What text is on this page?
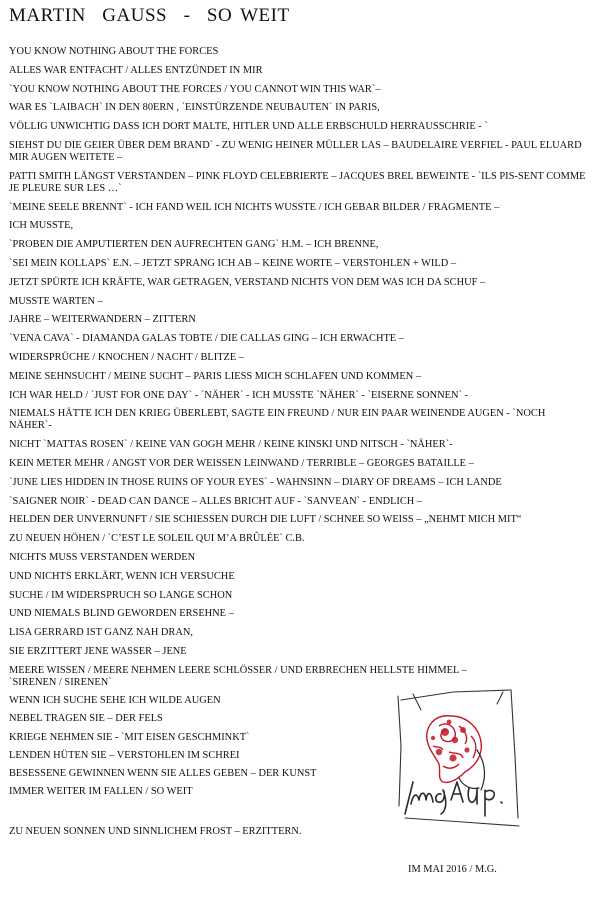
MARTIN  GAUSS  -  SO WEIT
YOU KNOW NOTHING ABOUT THE FORCES
ALLES WAR ENTFACHT / ALLES ENTZÜNDET IN MIR
`YOU KNOW NOTHING ABOUT THE FORCES / YOU CANNOT WIN THIS WAR`–
WAR ES `LAIBACH` IN DEN 80ERN , `EINSTÜRZENDE NEUBAUTEN` IN PARIS,
VÖLLIG UNWICHTIG DASS ICH DORT MALTE, HITLER UND ALLE ERBSCHULD HERRAUSSCHRIE - `
SIEHST DU DIE GEIER ÜBER DEM BRAND` - ZU WENIG HEINER MÜLLER LAS – BAUDELAIRE VERFIEL - PAUL ELUARD MIR AUGEN WEITETE –
PATTI SMITH LÄNGST VERSTANDEN – PINK FLOYD CELEBRIERTE – JACQUES BREL BEWEINTE - `ILS PIS-SENT COMME JE PLEURE SUR LES …`
`MEINE SEELE BRENNT` - ICH FAND WEIL ICH NICHTS WUSSTE / ICH GEBAR BILDER / FRAGMENTE –
ICH MUSSTE,
`PROBEN DIE AMPUTIERTEN DEN AUFRECHTEN GANG` H.M. – ICH BRENNE,
`SEI MEIN KOLLAPS` E.N. – JETZT SPRANG ICH AB – KEINE WORTE – VERSTOHLEN + WILD –
JETZT SPÜRTE ICH KRÄFTE, WAR GETRAGEN, VERSTAND NICHTS VON DEM WAS ICH DA SCHUF –
MUSSTE WARTEN –
JAHRE – WEITERWANDERN – ZITTERN
`VENA CAVA` - DIAMANDA GALAS TOBTE / DIE CALLAS GING – ICH ERWACHTE –
WIDERSPRÜCHE / KNOCHEN / NACHT / BLITZE –
MEINE SEHNSUCHT / MEINE SUCHT – PARIS LIESS MICH SCHLAFEN UND KOMMEN –
ICH WAR HELD / `JUST FOR ONE DAY` - `NÄHER` - ICH MUSSTE `NÄHER` - `EISERNE SONNEN` -
NIEMALS HÄTTE ICH DEN KRIEG ÜBERLEBT, SAGTE EIN FREUND / NUR EIN PAAR WEINENDE AUGEN - `NOCH NÄHER`-
NICHT `MATTAS ROSEN` / KEINE VAN GOGH MEHR / KEINE KINSKI UND NITSCH - `NÄHER`-
KEIN METER MEHR / ANGST VOR DER WEISSEN LEINWAND / TERRIBLE – GEORGES BATAILLE –
`JUNE LIES HIDDEN IN THOSE RUINS OF YOUR EYES` - WAHNSINN – DIARY OF DREAMS – ICH LANDE
`SAIGNER NOIR` - DEAD CAN DANCE – ALLES BRICHT AUF - `SANVEAN` - ENDLICH –
HELDEN DER UNVERNUNFT / SIE SCHIESSEN DURCH DIE LUFT / SCHNEE SO WEISS – „NEHMT MICH MIT“
ZU NEUEN HÖHEN / `C’EST LE SOLEIL QUI M’A BRÛLÉE` C.B.
NICHTS MUSS VERSTANDEN WERDEN
UND NICHTS ERKLÄRT, WENN ICH VERSUCHE
SUCHE / IM WIDERSPRUCH SO LANGE SCHON
UND NIEMALS BLIND GEWORDEN ERSEHNE –
LISA GERRARD IST GANZ NAH DRAN,
SIE ERZITTERT JENE WASSER – JENE
MEERE WISSEN / MEERE NEHMEN LEERE SCHLÖSSER / UND ERBRECHEN HELLSTE HIMMEL –
`SIRENEN / SIRENEN`
WENN ICH SUCHE SEHE ICH WILDE AUGEN
NEBEL TRAGEN SIE – DER FELS
KRIEGE NEHMEN SIE - `MIT EISEN GESCHMINKT`
LENDEN HÜTEN SIE – VERSTOHLEN IM SCHREI
BESESSENE GEWINNEN WENN SIE ALLES GEBEN – DER KUNST
IMMER WEITER IM FALLEN / SO WEIT
ZU NEUEN SONNEN UND SINNLICHEM FROST – ERZITTERN.
IM MAI 2016 / M.G.
